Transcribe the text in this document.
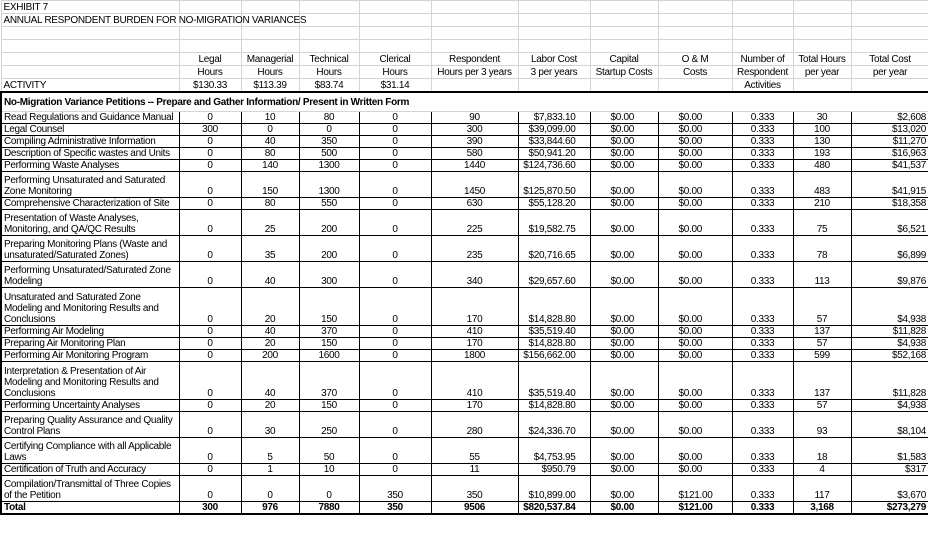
EXHIBIT 7											
ANNUAL RESPONDENT BURDEN FOR NO-MIGRATION VARIANCES											

	Legal	Managerial	Technical	Clerical	Respondent	Labor Cost	Capital	O & M	Number of	Total Hours	Total Cost
	Hours	Hours	Hours	Hours	Hours per 3 years	3 per years	Startup Costs	Costs	Respondent	per year	per year
ACTIVITY	$130.33	$113.39	$83.74	$31.14					Activities		
No-Migration Variance Petitions -- Prepare and Gather Information/ Present in Written Form											
Read Regulations and Guidance Manual	0	10	80	0	90	$7,833.10	$0.00	$0.00	0.333	30	$2,608
Legal Counsel	300	0	0	0	300	$39,099.00	$0.00	$0.00	0.333	100	$13,020
Compiling Administrative Information	0	40	350	0	390	$33,844.60	$0.00	$0.00	0.333	130	$11,270
Description of Specific wastes and Units	0	80	500	0	580	$50,941.20	$0.00	$0.00	0.333	193	$16,963
Performing Waste Analyses	0	140	1300	0	1440	$124,736.60	$0.00	$0.00	0.333	480	$41,537
Performing Unsaturated and Saturated Zone Monitoring	0	150	1300	0	1450	$125,870.50	$0.00	$0.00	0.333	483	$41,915
Comprehensive Characterization of Site	0	80	550	0	630	$55,128.20	$0.00	$0.00	0.333	210	$18,358
Presentation of Waste Analyses, Monitoring, and QA/QC Results	0	25	200	0	225	$19,582.75	$0.00	$0.00	0.333	75	$6,521
Preparing Monitoring Plans (Waste and unsaturated/Saturated Zones)	0	35	200	0	235	$20,716.65	$0.00	$0.00	0.333	78	$6,899
Performing Unsaturated/Saturated Zone Modeling	0	40	300	0	340	$29,657.60	$0.00	$0.00	0.333	113	$9,876
Unsaturated and Saturated Zone Modeling and Monitoring Results and Conclusions	0	20	150	0	170	$14,828.80	$0.00	$0.00	0.333	57	$4,938
Performing Air Modeling	0	40	370	0	410	$35,519.40	$0.00	$0.00	0.333	137	$11,828
Preparing Air Monitoring Plan	0	20	150	0	170	$14,828.80	$0.00	$0.00	0.333	57	$4,938
Performing Air Monitoring Program	0	200	1600	0	1800	$156,662.00	$0.00	$0.00	0.333	599	$52,168
Interpretation & Presentation of Air Modeling and Monitoring Results and Conclusions	0	40	370	0	410	$35,519.40	$0.00	$0.00	0.333	137	$11,828
Performing Uncertainty Analyses	0	20	150	0	170	$14,828.80	$0.00	$0.00	0.333	57	$4,938
Preparing Quality Assurance and Quality Control Plans	0	30	250	0	280	$24,336.70	$0.00	$0.00	0.333	93	$8,104
Certifying Compliance with all Applicable Laws	0	5	50	0	55	$4,753.95	$0.00	$0.00	0.333	18	$1,583
Certification of Truth and Accuracy	0	1	10	0	11	$950.79	$0.00	$0.00	0.333	4	$317
Compilation/Transmittal of Three Copies of the Petition	0	0	0	350	350	$10,899.00	$0.00	$121.00	0.333	117	$3,670
Total	300	976	7880	350	9506	$820,537.84	$0.00	$121.00	0.333	3,168	$273,279
